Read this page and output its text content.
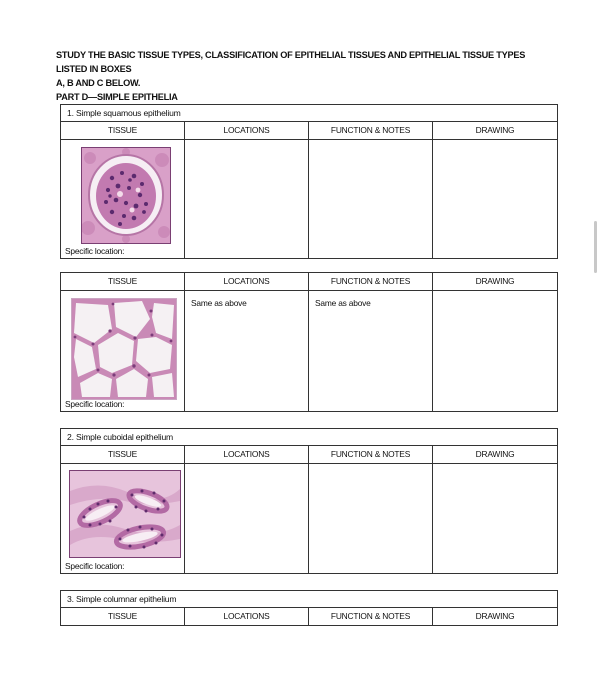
STUDY THE BASIC TISSUE TYPES, CLASSIFICATION OF EPITHELIAL TISSUES AND EPITHELIAL TISSUE TYPES LISTED IN BOXES
A, B AND C BELOW.
PART D—SIMPLE EPITHELIA
1. Simple squamous epithelium			
TISSUE	LOCATIONS	FUNCTION & NOTES	DRAWING

Specific location:			

TISSUE	LOCATIONS	FUNCTION & NOTES	DRAWING

Specific location:	Same as above	Same as above	

2. Simple cuboidal epithelium			
TISSUE	LOCATIONS	FUNCTION & NOTES	DRAWING

Specific location:			

3. Simple columnar epithelium
TISSUE	LOCATIONS	FUNCTION & NOTES	DRAWING
